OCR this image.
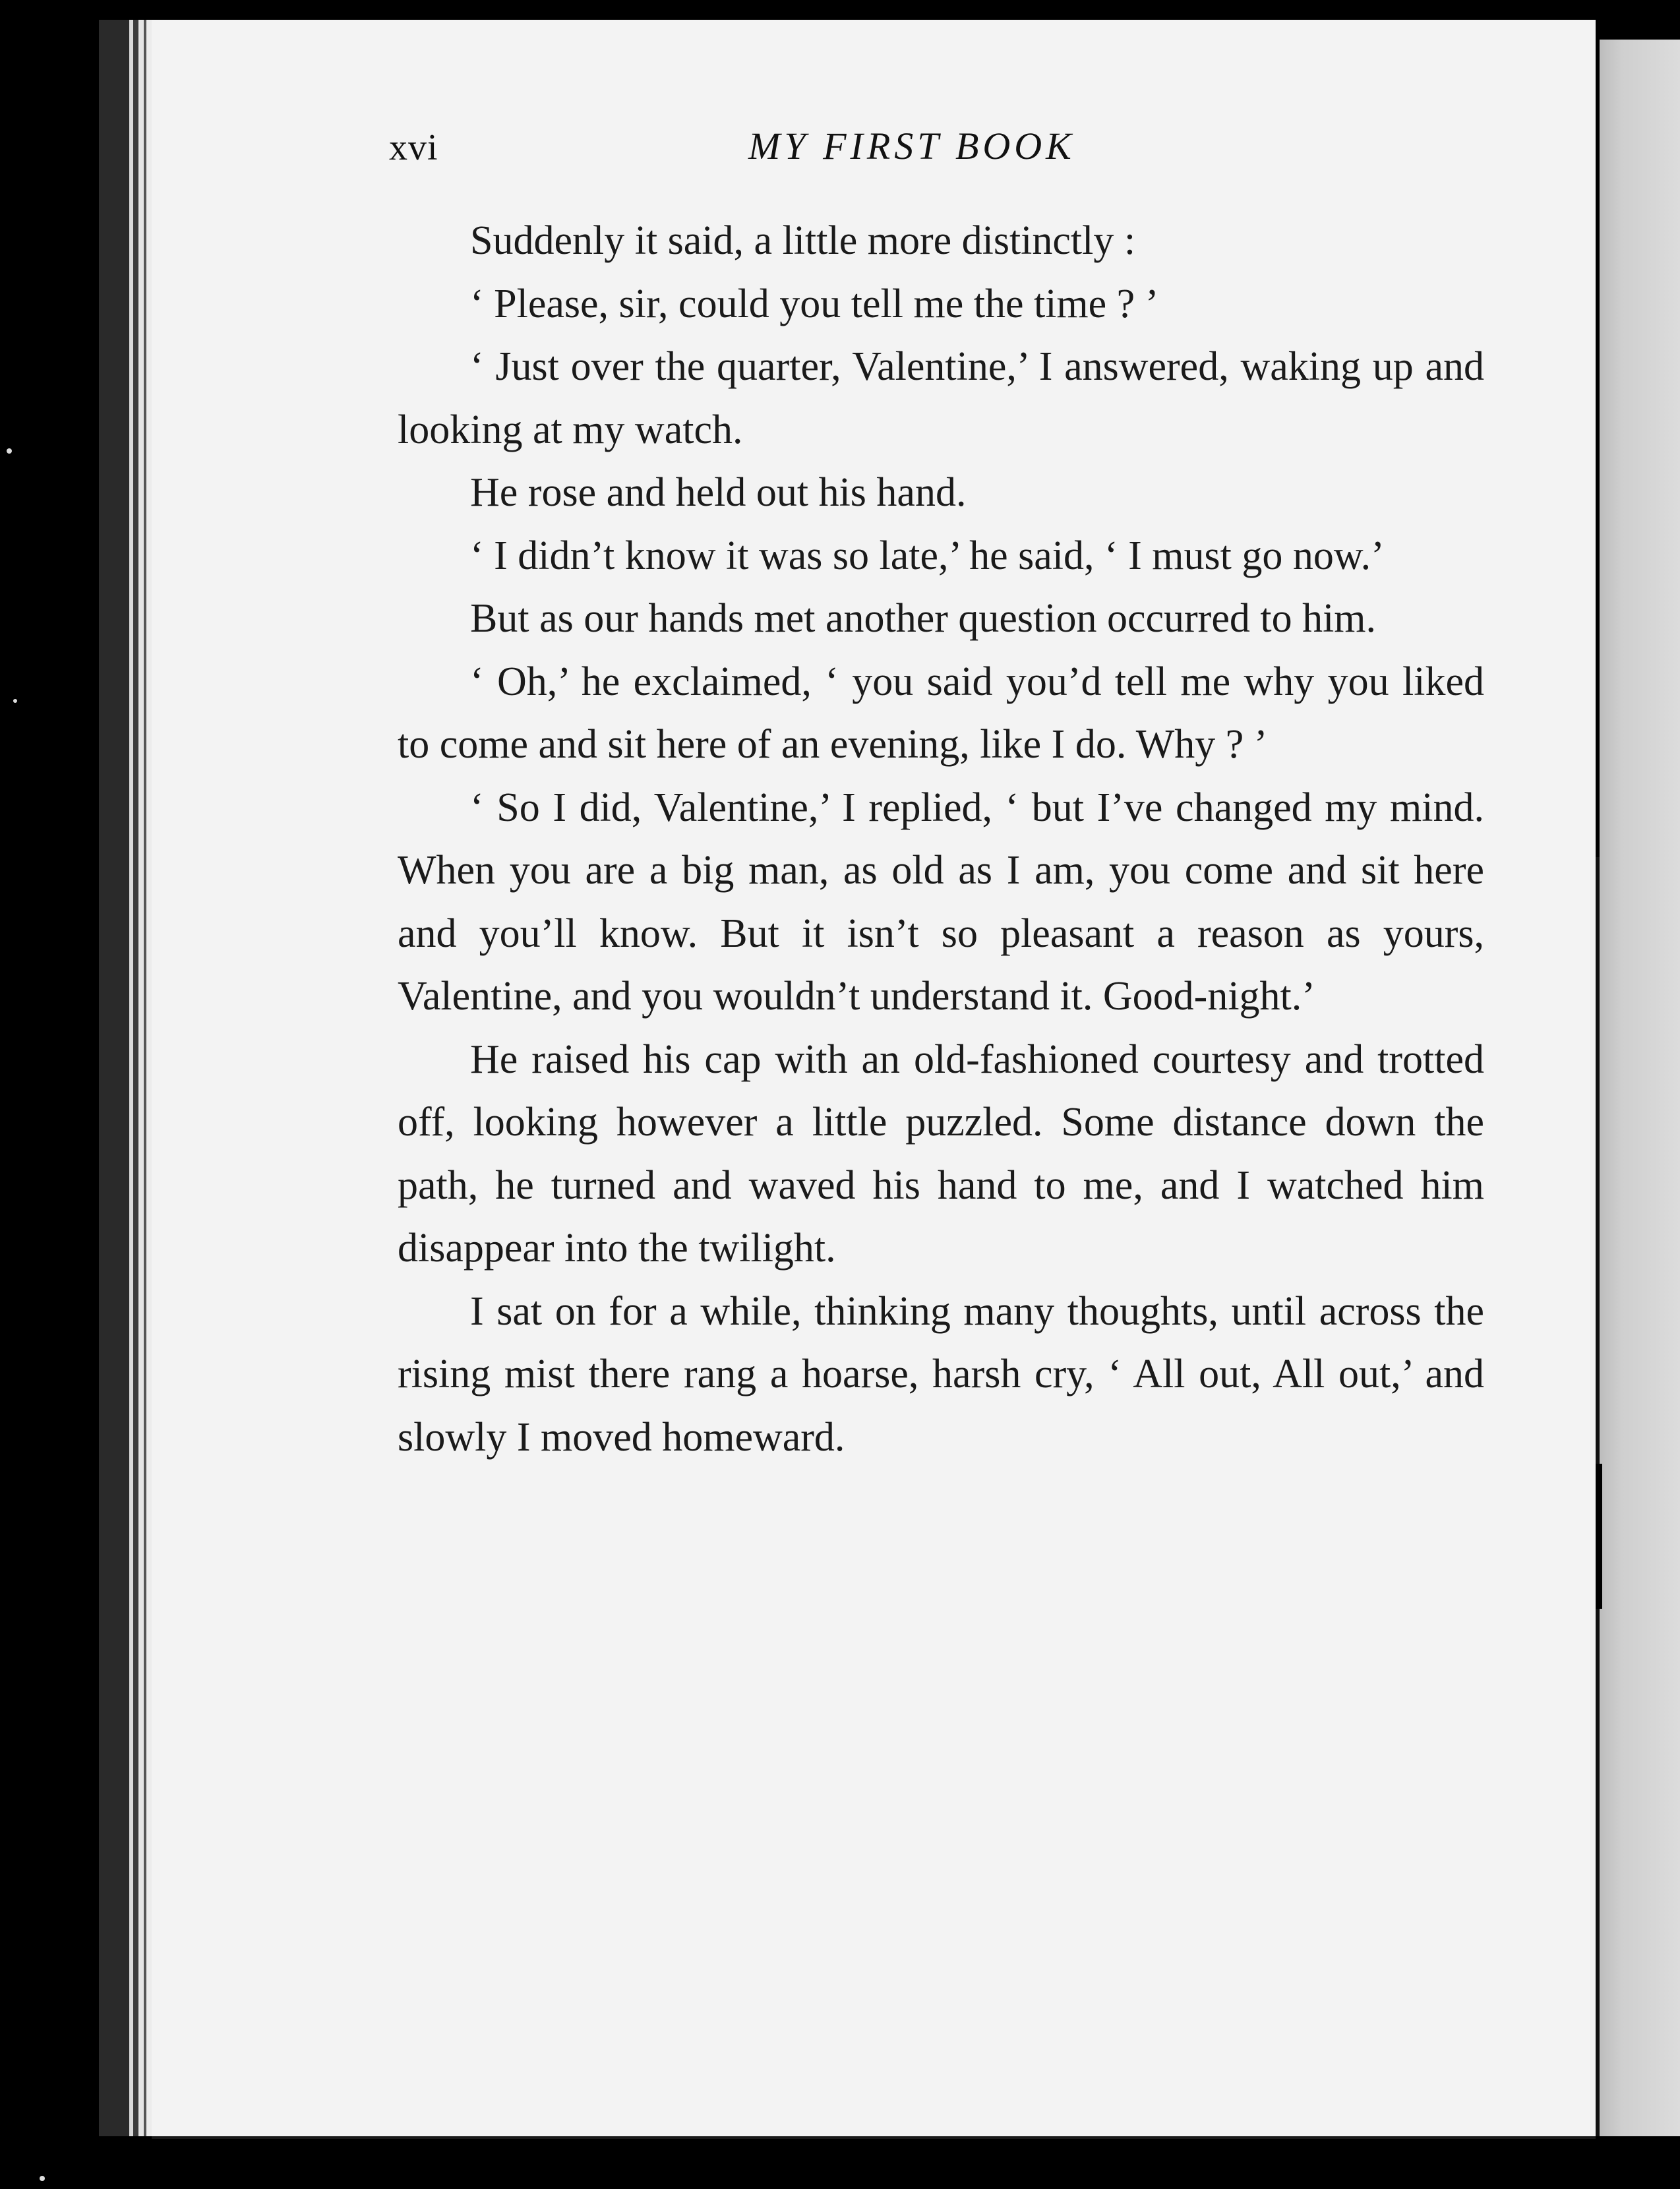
xvi	MY FIRST BOOK

Suddenly it said, a little more distinctly :

‘ Please, sir, could you tell me the time ? ’

‘ Just over the quarter, Valentine,’ I answered, waking up and looking at my watch.

He rose and held out his hand.

‘ I didn’t know it was so late,’ he said, ‘ I must go now.’

But as our hands met another question occurred to him.

‘ Oh,’ he exclaimed, ‘ you said you’d tell me why you liked to come and sit here of an evening, like I do. Why ? ’

‘ So I did, Valentine,’ I replied, ‘ but I’ve changed my mind. When you are a big man, as old as I am, you come and sit here and you’ll know. But it isn’t so pleasant a reason as yours, Valentine, and you wouldn’t understand it. Good-night.’

He raised his cap with an old-fashioned courtesy and trotted off, looking however a little puzzled. Some distance down the path, he turned and waved his hand to me, and I watched him disappear into the twilight.

I sat on for a while, thinking many thoughts, until across the rising mist there rang a hoarse, harsh cry, ‘ All out, All out,’ and slowly I moved homeward.
